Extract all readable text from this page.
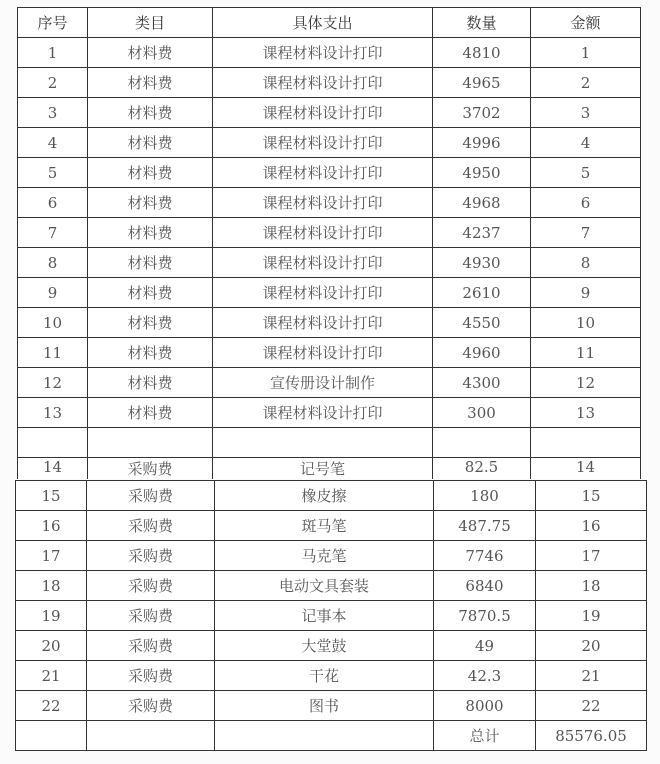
序号	类目	具体支出	数量	金额
1	材料费	课程材料设计打印	4810	1
2	材料费	课程材料设计打印	4965	2
3	材料费	课程材料设计打印	3702	3
4	材料费	课程材料设计打印	4996	4
5	材料费	课程材料设计打印	4950	5
6	材料费	课程材料设计打印	4968	6
7	材料费	课程材料设计打印	4237	7
8	材料费	课程材料设计打印	4930	8
9	材料费	课程材料设计打印	2610	9
10	材料费	课程材料设计打印	4550	10
11	材料费	课程材料设计打印	4960	11
12	材料费	宣传册设计制作	4300	12
13	材料费	课程材料设计打印	300	13

14	采购费	记号笔	82.5	14
15	采购费	橡皮擦	180	15
16	采购费	斑马笔	487.75	16
17	采购费	马克笔	7746	17
18	采购费	电动文具套装	6840	18
19	采购费	记事本	7870.5	19
20	采购费	大堂鼓	49	20
21	采购费	干花	42.3	21
22	采购费	图书	8000	22
			总计	85576.05
